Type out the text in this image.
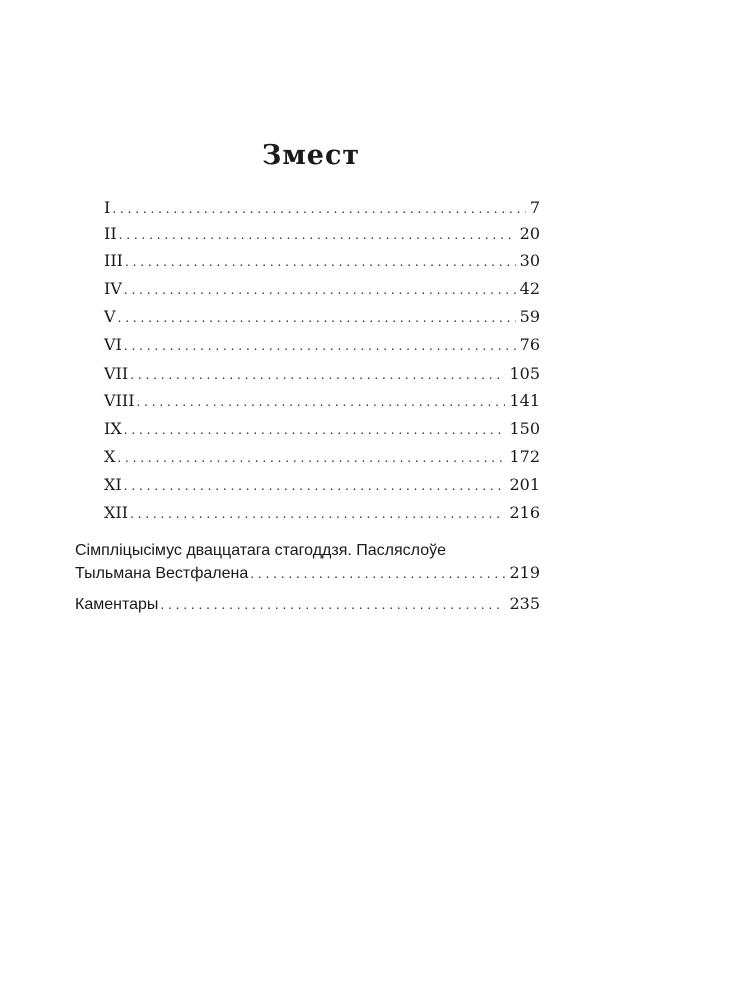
Змест
I . . .	7
II . . .	20
III . . .	30
IV . . .	42
V . . .	59
VI . . .	76
VII . . .	105
VIII . . .	141
IX . . .	150
X . . .	172
XI . . .	201
XII . . .	216
Сімпліцысімус дваццатага стагоддзя. Пасляслоўе
Тыльмана Вестфалена . . .	219
Каментары . . .	235
